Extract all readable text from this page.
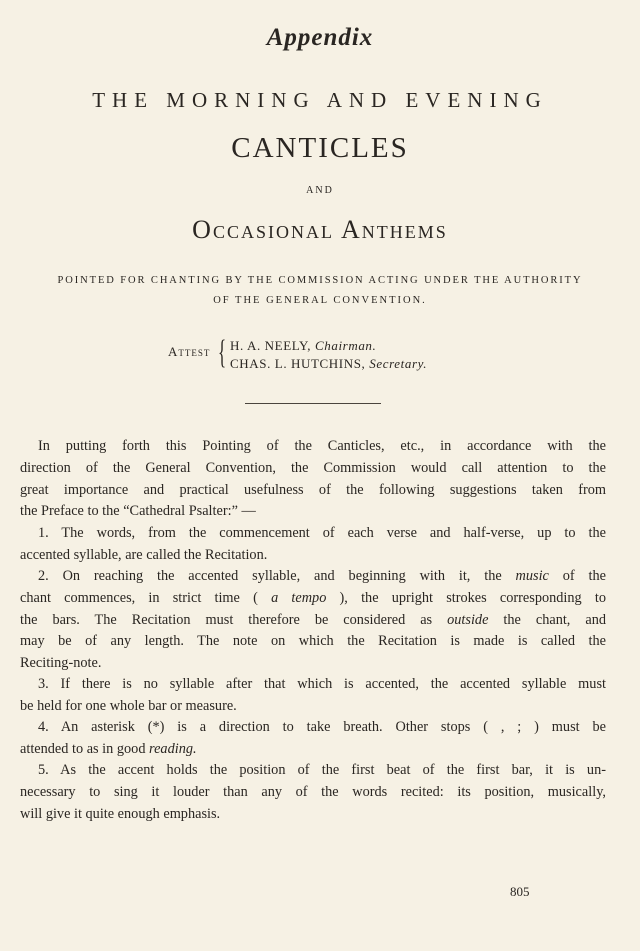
Appendix
THE MORNING AND EVENING
CANTICLES
AND
Occasional Anthems
POINTED FOR CHANTING BY THE COMMISSION ACTING UNDER THE AUTHORITY
OF THE GENERAL CONVENTION.
Attest { H. A. NEELY, Chairman.
CHAS. L. HUTCHINS, Secretary.
In putting forth this Pointing of the Canticles, etc., in accordance with the
direction of the General Convention, the Commission would call attention to the
great importance and practical usefulness of the following suggestions taken from
the Preface to the “Cathedral Psalter:” —
1. The words, from the commencement of each verse and half-verse, up to the
accented syllable, are called the Recitation.
2. On reaching the accented syllable, and beginning with it, the music of the
chant commences, in strict time ( a tempo ), the upright strokes corresponding to
the bars. The Recitation must therefore be considered as outside the chant, and
may be of any length. The note on which the Recitation is made is called the
Reciting-note.
3. If there is no syllable after that which is accented, the accented syllable must
be held for one whole bar or measure.
4. An asterisk (*) is a direction to take breath. Other stops ( , ; ) must be
attended to as in good reading.
5. As the accent holds the position of the first beat of the first bar, it is un-
necessary to sing it louder than any of the words recited: its position, musically,
will give it quite enough emphasis.
805
